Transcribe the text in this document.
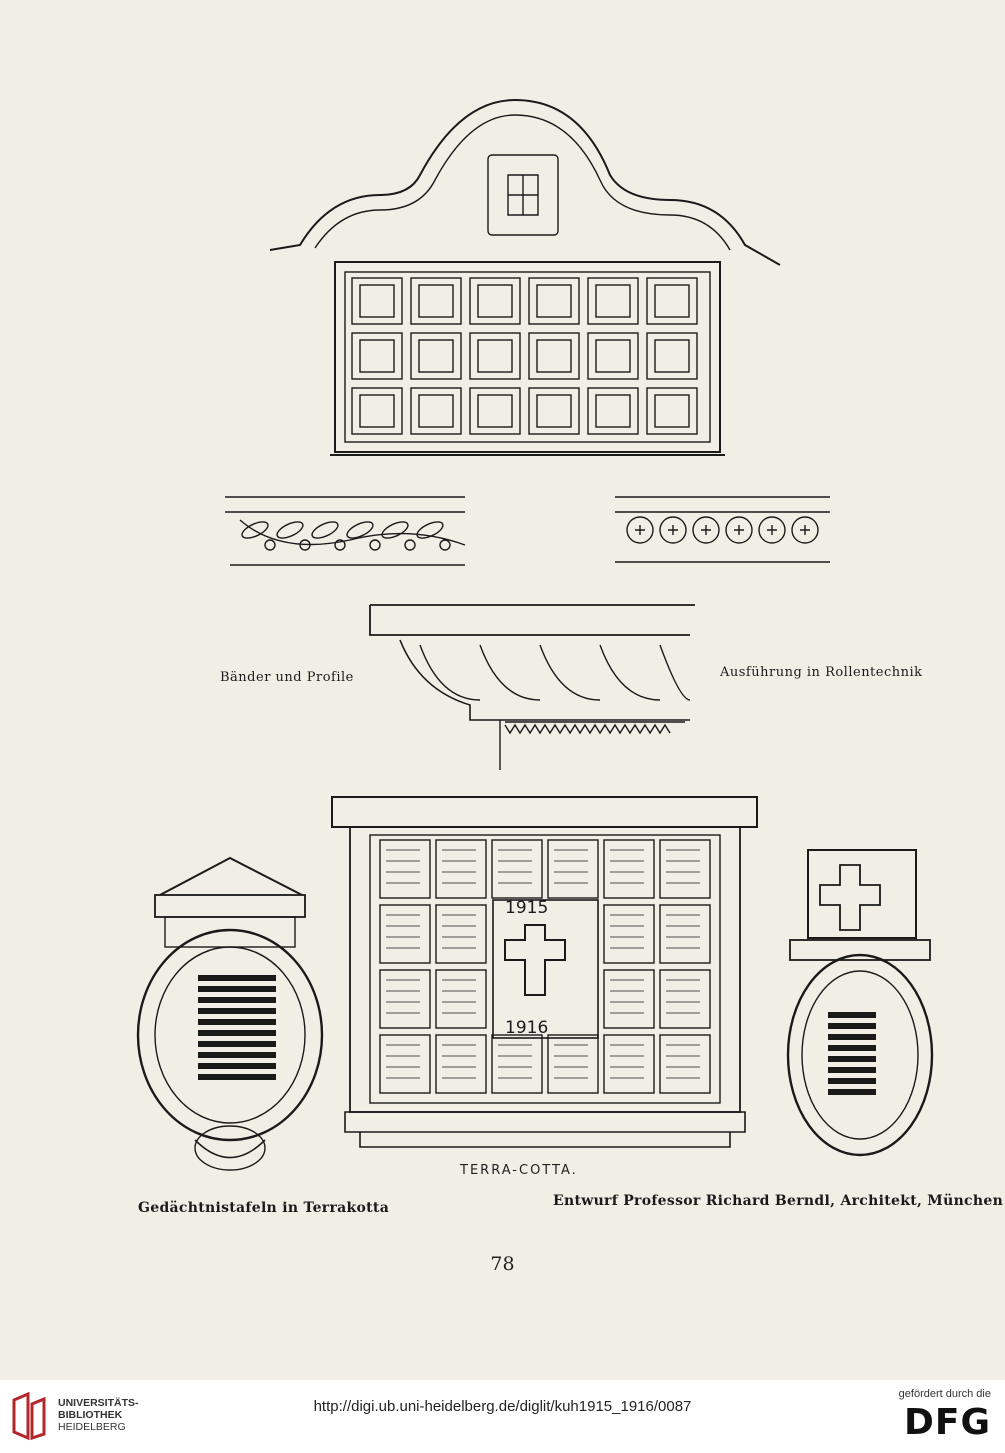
Bänder und Profile	Ausführung in Rollentechnik
1915
1916
TERRA-COTTA.
Gedächtnistafeln in Terrakotta	Entwurf Professor Richard Berndl, Architekt, München
78
UNIVERSITÄTS-
BIBLIOTHEK
HEIDELBERG
http://digi.ub.uni-heidelberg.de/diglit/kuh1915_1916/0087
gefördert durch die
DFG
